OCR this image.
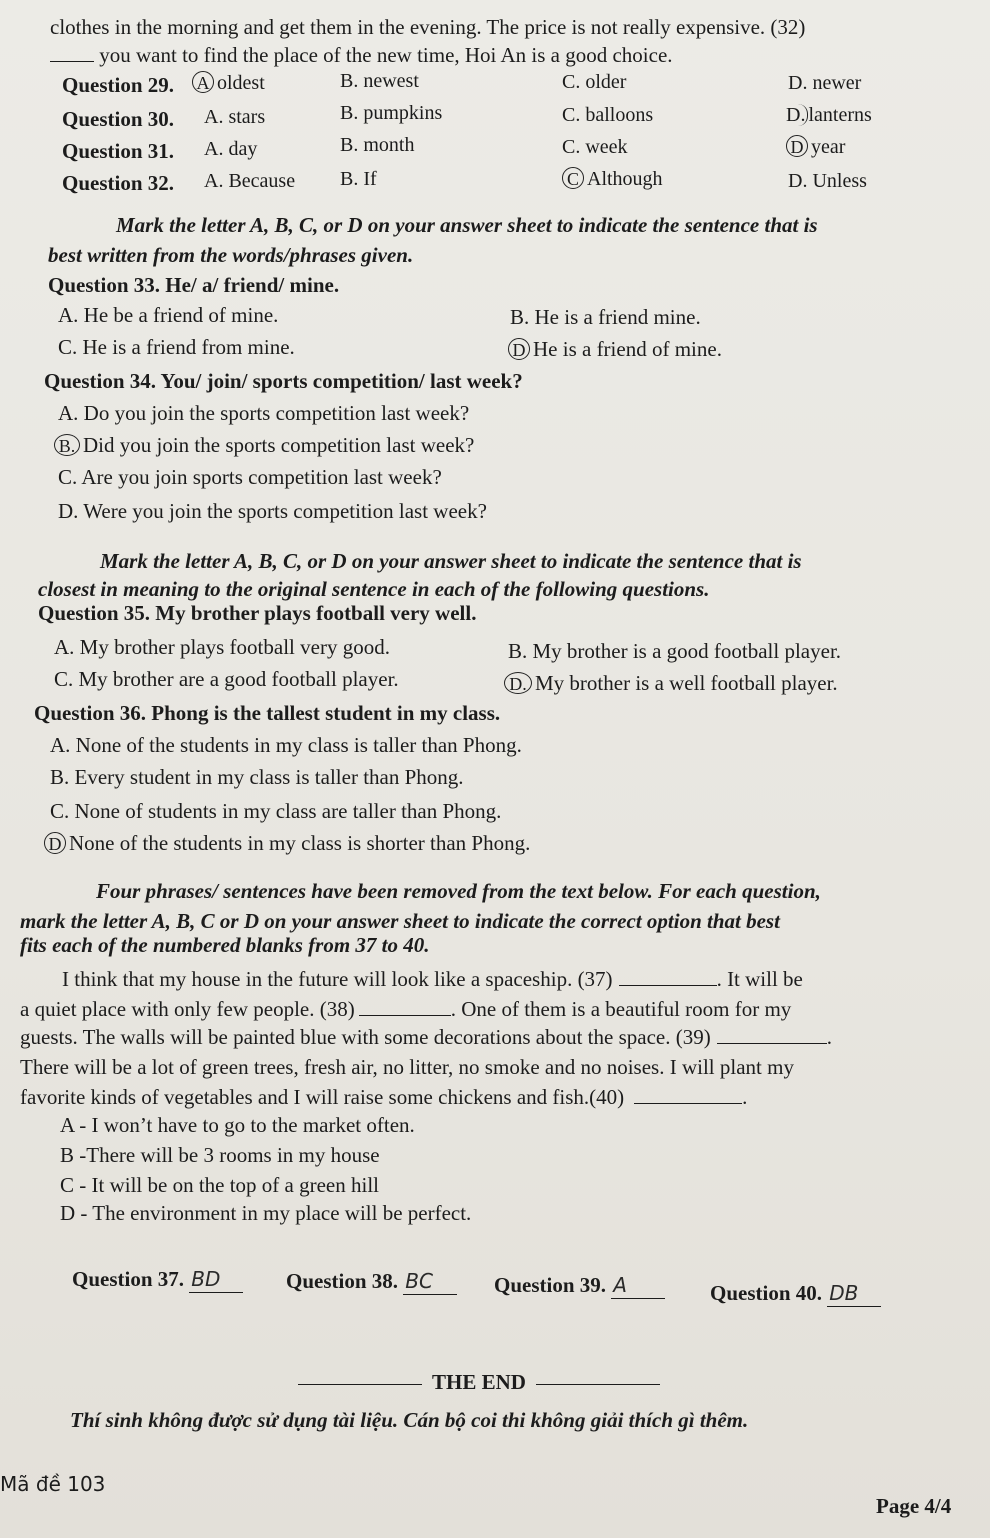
clothes in the morning and get them in the evening. The price is not really expensive. (32)
you want to find the place of the new time, Hoi An is a good choice.
Question 29. A oldest	B. newest	C. older	D. newer
Question 30. A. stars	B. pumpkins	C. balloons	D. lanterns
Question 31. A. day	B. month	C. week	D year
Question 32. A. Because B. If	C Although	D. Unless
Mark the letter A, B, C, or D on your answer sheet to indicate the sentence that is
best written from the words/phrases given.
Question 33. He/ a/ friend/ mine.
A. He be a friend of mine.	B. He is a friend mine.
C. He is a friend from mine.	D He is a friend of mine.
Question 34. You/ join/ sports competition/ last week?
A. Do you join the sports competition last week?
B. Did you join the sports competition last week?
C. Are you join sports competition last week?
D. Were you join the sports competition last week?
Mark the letter A, B, C, or D on your answer sheet to indicate the sentence that is
closest in meaning to the original sentence in each of the following questions.
Question 35. My brother plays football very well.
A. My brother plays football very good.	B. My brother is a good football player.
C. My brother are a good football player.	D. My brother is a well football player.
Question 36. Phong is the tallest student in my class.
A. None of the students in my class is taller than Phong.
B. Every student in my class is taller than Phong.
C. None of students in my class are taller than Phong.
D None of the students in my class is shorter than Phong.
Four phrases/ sentences have been removed from the text below. For each question,
mark the letter A, B, C or D on your answer sheet to indicate the correct option that best
fits each of the numbered blanks from 37 to 40.
I think that my house in the future will look like a spaceship. (37)	. It will be
a quiet place with only few people. (38)	. One of them is a beautiful room for my
guests. The walls will be painted blue with some decorations about the space. (39)	.
There will be a lot of green trees, fresh air, no litter, no smoke and no noises. I will plant my
favorite kinds of vegetables and I will raise some chickens and fish.(40)	.
A - I won’t have to go to the market often.
B -There will be 3 rooms in my house
C - It will be on the top of a green hill
D - The environment in my place will be perfect.
Question 37. BD	Question 38. BC	Question 39. A	Question 40. DB
THE END
Thí sinh không được sử dụng tài liệu. Cán bộ coi thi không giải thích gì thêm.
Mã đề 103
Page 4/4
